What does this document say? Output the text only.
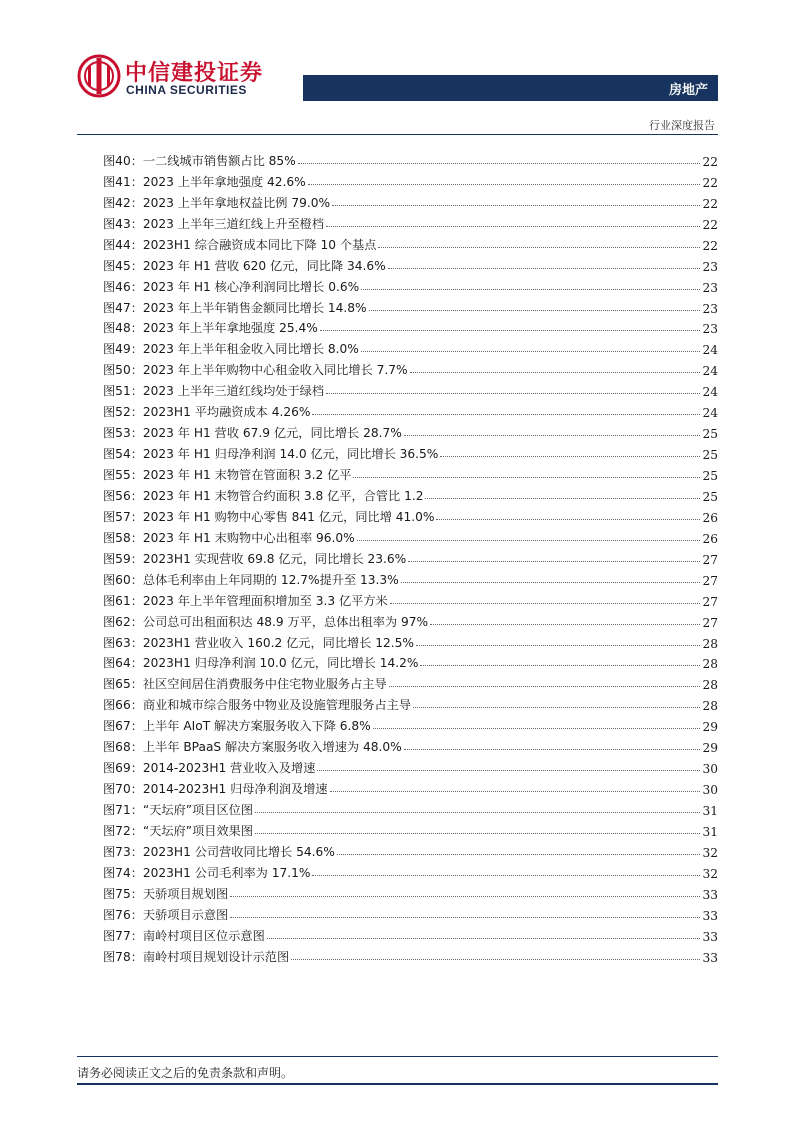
中信建投证券
CHINA SECURITIES	房地产
行业深度报告
图40：一二线城市销售额占比 85%	22
图41：2023 上半年拿地强度 42.6%	22
图42：2023 上半年拿地权益比例 79.0%	22
图43：2023 上半年三道红线上升至橙档	22
图44：2023H1 综合融资成本同比下降 10 个基点	22
图45：2023 年 H1 营收 620 亿元，同比降 34.6%	23
图46：2023 年 H1 核心净利润同比增长 0.6%	23
图47：2023 年上半年销售金额同比增长 14.8%	23
图48：2023 年上半年拿地强度 25.4%	23
图49：2023 年上半年租金收入同比增长 8.0%	24
图50：2023 年上半年购物中心租金收入同比增长 7.7%	24
图51：2023 上半年三道红线均处于绿档	24
图52：2023H1 平均融资成本 4.26%	24
图53：2023 年 H1 营收 67.9 亿元，同比增长 28.7%	25
图54：2023 年 H1 归母净利润 14.0 亿元，同比增长 36.5%	25
图55：2023 年 H1 末物管在管面积 3.2 亿平	25
图56：2023 年 H1 末物管合约面积 3.8 亿平，合管比 1.2	25
图57：2023 年 H1 购物中心零售 841 亿元，同比增 41.0%	26
图58：2023 年 H1 末购物中心出租率 96.0%	26
图59：2023H1 实现营收 69.8 亿元，同比增长 23.6%	27
图60：总体毛利率由上年同期的 12.7%提升至 13.3%	27
图61：2023 年上半年管理面积增加至 3.3 亿平方米	27
图62：公司总可出租面积达 48.9 万平，总体出租率为 97%	27
图63：2023H1 营业收入 160.2 亿元，同比增长 12.5%	28
图64：2023H1 归母净利润 10.0 亿元，同比增长 14.2%	28
图65：社区空间居住消费服务中住宅物业服务占主导	28
图66：商业和城市综合服务中物业及设施管理服务占主导	28
图67：上半年 AIoT 解决方案服务收入下降 6.8%	29
图68：上半年 BPaaS 解决方案服务收入增速为 48.0%	29
图69：2014-2023H1 营业收入及增速	30
图70：2014-2023H1 归母净利润及增速	30
图71：“天坛府”项目区位图	31
图72：“天坛府”项目效果图	31
图73：2023H1 公司营收同比增长 54.6%	32
图74：2023H1 公司毛利率为 17.1%	32
图75：天骄项目规划图	33
图76：天骄项目示意图	33
图77：南岭村项目区位示意图	33
图78：南岭村项目规划设计示范图	33
请务必阅读正文之后的免责条款和声明。
